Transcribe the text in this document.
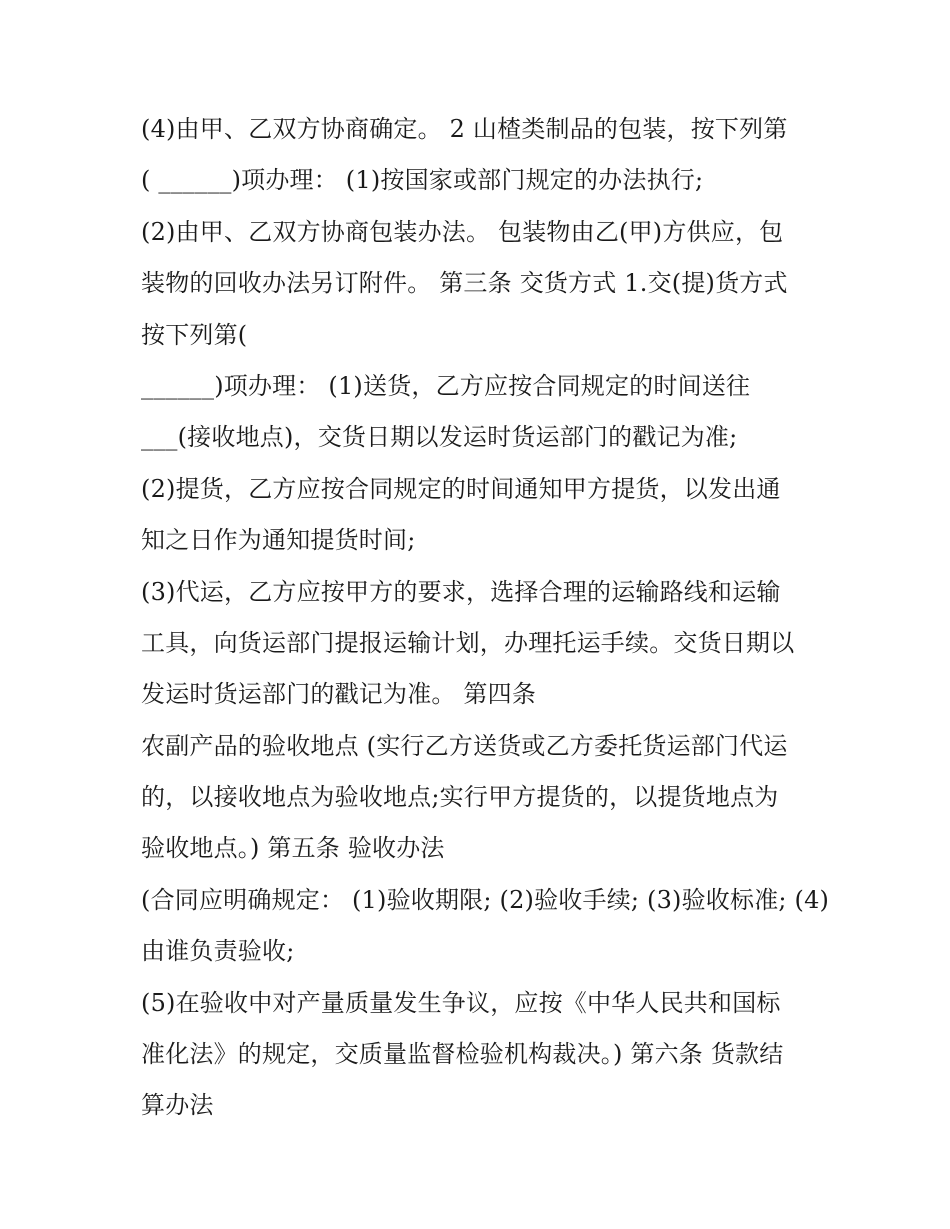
(4)由甲、乙双方协商确定。 2 山楂类制品的包装，按下列第
( ______)项办理： (1)按国家或部门规定的办法执行;
(2)由甲、乙双方协商包装办法。 包装物由乙(甲)方供应，包
装物的回收办法另订附件。 第三条 交货方式 1.交(提)货方式
按下列第(
______)项办理： (1)送货，乙方应按合同规定的时间送往
___(接收地点)，交货日期以发运时货运部门的戳记为准;
(2)提货，乙方应按合同规定的时间通知甲方提货，以发出通
知之日作为通知提货时间;
(3)代运，乙方应按甲方的要求，选择合理的运输路线和运输
工具，向货运部门提报运输计划，办理托运手续。交货日期以
发运时货运部门的戳记为准。 第四条
农副产品的验收地点 (实行乙方送货或乙方委托货运部门代运
的，以接收地点为验收地点;实行甲方提货的，以提货地点为
验收地点。) 第五条 验收办法
(合同应明确规定： (1)验收期限; (2)验收手续; (3)验收标准; (4)
由谁负责验收;
(5)在验收中对产量质量发生争议，应按《中华人民共和国标
准化法》的规定，交质量监督检验机构裁决。) 第六条 货款结
算办法
